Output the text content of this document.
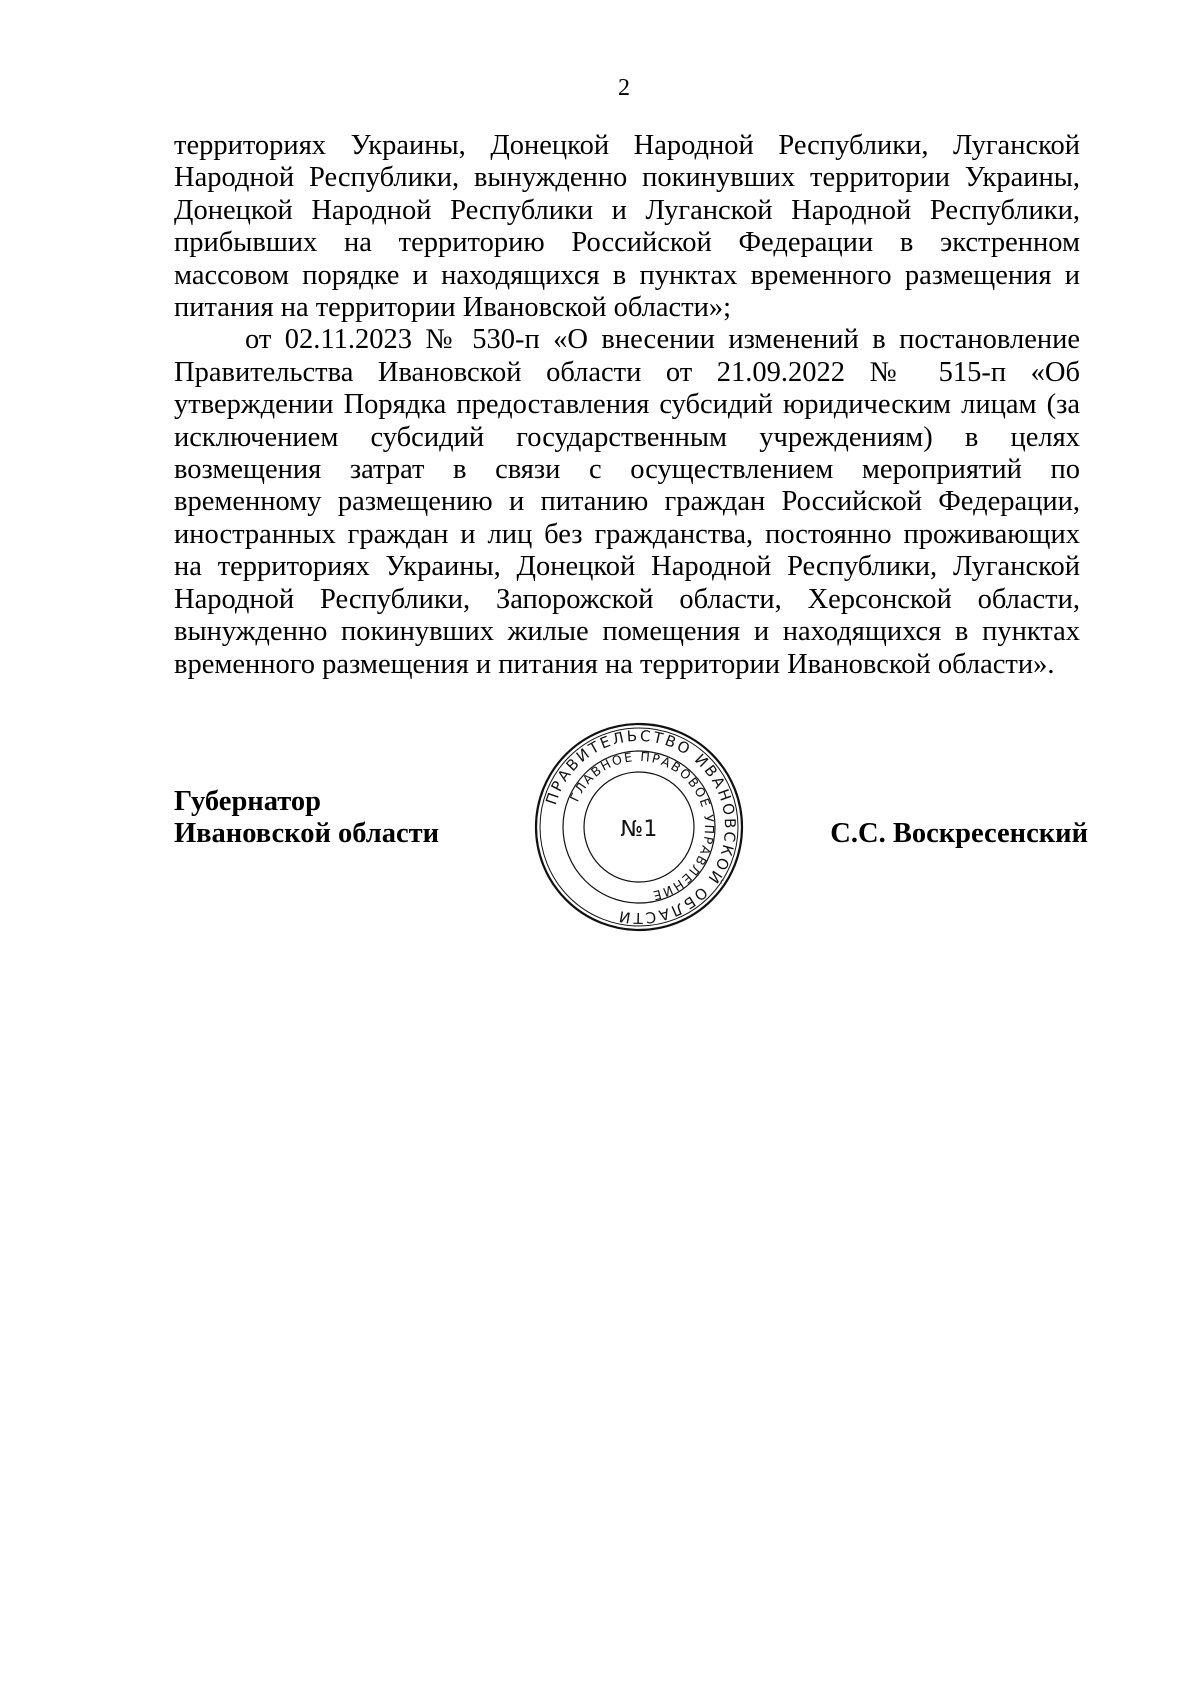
2

территориях Украины, Донецкой Народной Республики, Луганской Народной Республики, вынужденно покинувших территории Украины, Донецкой Народной Республики и Луганской Народной Республики, прибывших на территорию Российской Федерации в экстренном массовом порядке и находящихся в пунктах временного размещения и питания на территории Ивановской области»;

от 02.11.2023 № 530-п «О внесении изменений в постановление Правительства Ивановской области от 21.09.2022 № 515-п «Об утверждении Порядка предоставления субсидий юридическим лицам (за исключением субсидий государственным учреждениям) в целях возмещения затрат в связи с осуществлением мероприятий по временному размещению и питанию граждан Российской Федерации, иностранных граждан и лиц без гражданства, постоянно проживающих на территориях Украины, Донецкой Народной Республики, Луганской Народной Республики, Запорожской области, Херсонской области, вынужденно покинувших жилые помещения и находящихся в пунктах временного размещения и питания на территории Ивановской области».

Губернатор
Ивановской области
ПРАВИТЕЛЬСТВО ИВАНОВСКОЙ ОБЛАСТИ
ГЛАВНОЕ ПРАВОВОЕ УПРАВЛЕНИЕ
№1	С.С. Воскресенский
